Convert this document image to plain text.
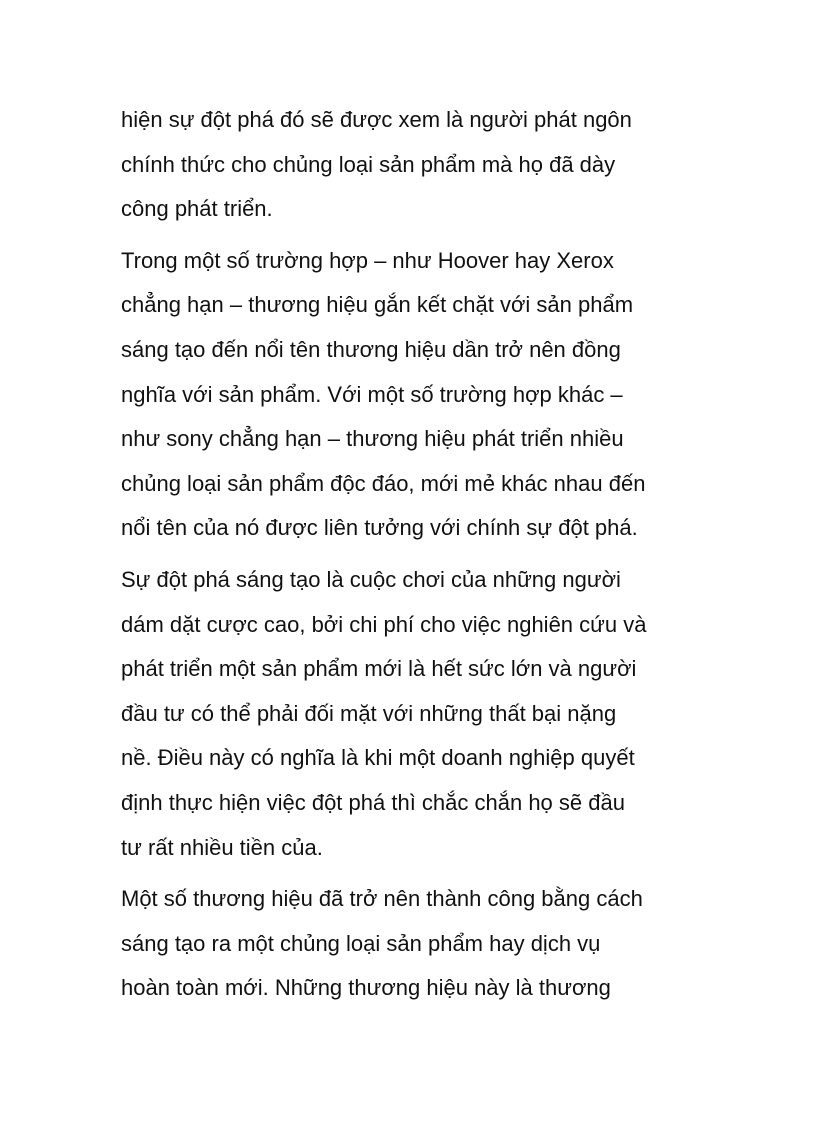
hiện sự đột phá đó sẽ được xem là người phát ngôn
chính thức cho chủng loại sản phẩm mà họ đã dày
công phát triển.

Trong một số trường hợp – như Hoover hay Xerox
chẳng hạn – thương hiệu gắn kết chặt với sản phẩm
sáng tạo đến nổi tên thương hiệu dần trở nên đồng
nghĩa với sản phẩm. Với một số trường hợp khác –
như sony chẳng hạn – thương hiệu phát triển nhiều
chủng loại sản phẩm độc đáo, mới mẻ khác nhau đến
nổi tên của nó được liên tưởng với chính sự đột phá.

Sự đột phá sáng tạo là cuộc chơi của những người
dám dặt cược cao, bởi chi phí cho việc nghiên cứu và
phát triển một sản phẩm mới là hết sức lớn và người
đầu tư có thể phải đối mặt với những thất bại nặng
nề. Điều này có nghĩa là khi một doanh nghiệp quyết
định thực hiện việc đột phá thì chắc chắn họ sẽ đầu
tư rất nhiều tiền của.

Một số thương hiệu đã trở nên thành công bằng cách
sáng tạo ra một chủng loại sản phẩm hay dịch vụ
hoàn toàn mới. Những thương hiệu này là thương
